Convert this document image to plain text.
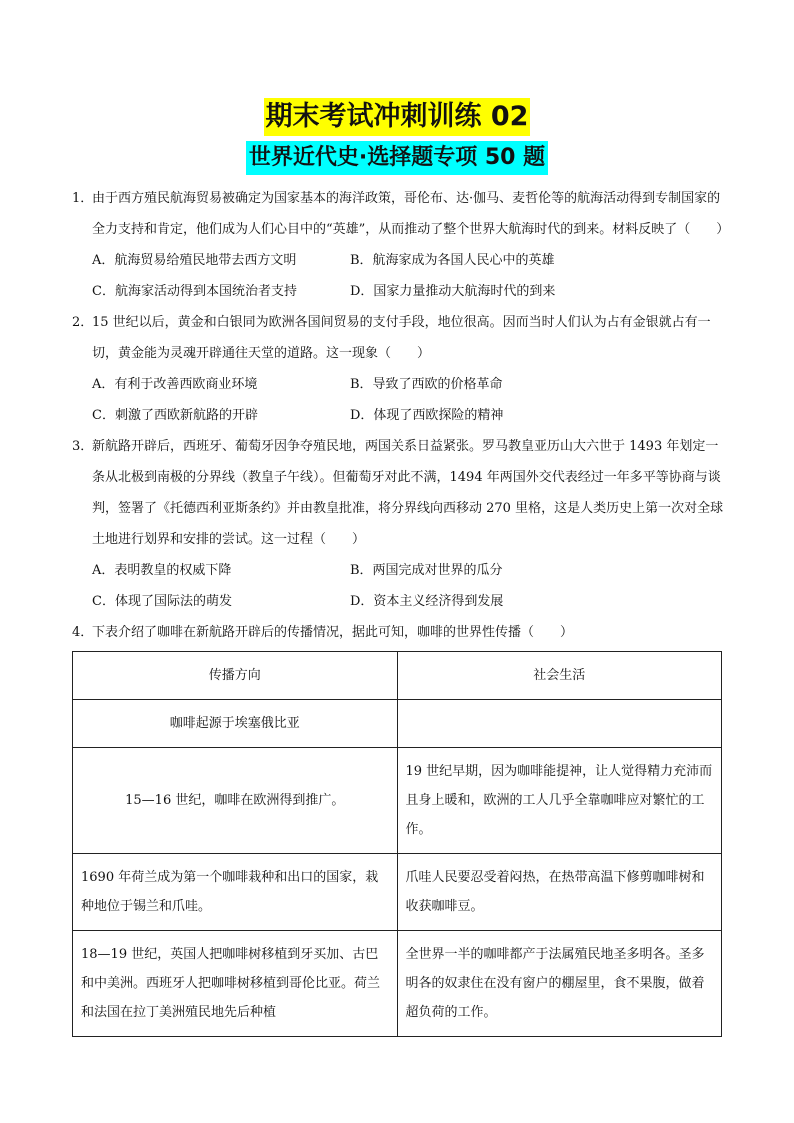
期末考试冲刺训练 02
世界近代史·选择题专项 50 题

1．
由于西方殖民航海贸易被确定为国家基本的海洋政策，哥伦布、达·伽马、麦哲伦等的航海活动得到专制国家的全力支持和肯定，他们成为人们心目中的“英雄”，从而推动了整个世界大航海时代的到来。材料反映了（　　）

A．航海贸易给殖民地带去西方文明	B．航海家成为各国人民心中的英雄
C．航海家活动得到本国统治者支持	D．国家力量推动大航海时代的到来

2．
15 世纪以后，黄金和白银同为欧洲各国间贸易的支付手段，地位很高。因而当时人们认为占有金银就占有一切，黄金能为灵魂开辟通往天堂的道路。这一现象（　　）

A．有利于改善西欧商业环境	B．导致了西欧的价格革命
C．刺激了西欧新航路的开辟	D．体现了西欧探险的精神

3．
新航路开辟后，西班牙、葡萄牙因争夺殖民地，两国关系日益紧张。罗马教皇亚历山大六世于 1493 年划定一条从北极到南极的分界线（教皇子午线）。但葡萄牙对此不满，1494 年两国外交代表经过一年多平等协商与谈判，签署了《托德西利亚斯条约》并由教皇批准，将分界线向西移动 270 里格，这是人类历史上第一次对全球土地进行划界和安排的尝试。这一过程（　　）

A．表明教皇的权威下降	B．两国完成对世界的瓜分
C．体现了国际法的萌发	D．资本主义经济得到发展

4．
下表介绍了咖啡在新航路开辟后的传播情况，据此可知，咖啡的世界性传播（　　）

传播方向	社会生活
咖啡起源于埃塞俄比亚	
15—16 世纪，咖啡在欧洲得到推广。	19 世纪早期，因为咖啡能提神，让人觉得精力充沛而且身上暖和，欧洲的工人几乎全靠咖啡应对繁忙的工作。
1690 年荷兰成为第一个咖啡栽种和出口的国家，栽种地位于锡兰和爪哇。	爪哇人民要忍受着闷热，在热带高温下修剪咖啡树和收获咖啡豆。
18—19 世纪，英国人把咖啡树移植到牙买加、古巴和中美洲。西班牙人把咖啡树移植到哥伦比亚。荷兰和法国在拉丁美洲殖民地先后种植	全世界一半的咖啡都产于法属殖民地圣多明各。圣多明各的奴隶住在没有窗户的棚屋里，食不果腹，做着超负荷的工作。
